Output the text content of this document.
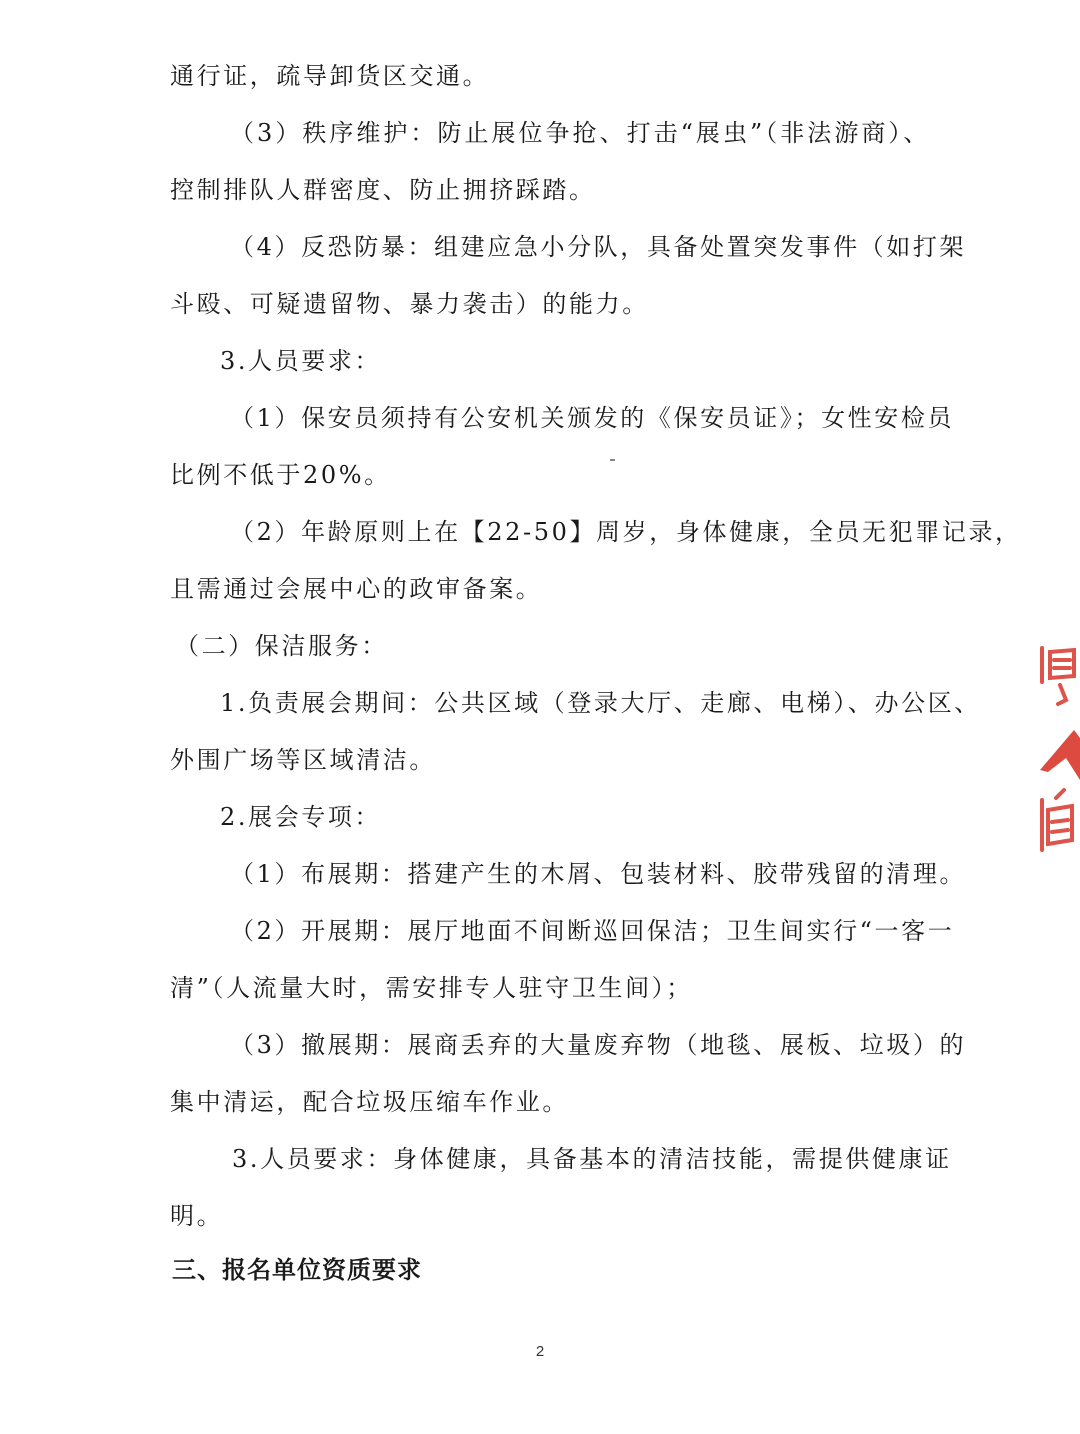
通行证，疏导卸货区交通。
（3）秩序维护：防止展位争抢、打击“展虫”（非法游商）、
控制排队人群密度、防止拥挤踩踏。
（4）反恐防暴：组建应急小分队，具备处置突发事件（如打架
斗殴、可疑遗留物、暴力袭击）的能力。
3.人员要求：
（1）保安员须持有公安机关颁发的《保安员证》；女性安检员
比例不低于20%。
（2）年龄原则上在【22-50】周岁，身体健康，全员无犯罪记录，
且需通过会展中心的政审备案。
（二）保洁服务：
1.负责展会期间：公共区域（登录大厅、走廊、电梯）、办公区、
外围广场等区域清洁。
2.展会专项：
（1）布展期：搭建产生的木屑、包装材料、胶带残留的清理。
（2）开展期：展厅地面不间断巡回保洁；卫生间实行“一客一
清”（人流量大时，需安排专人驻守卫生间）；
（3）撤展期：展商丢弃的大量废弃物（地毯、展板、垃圾）的
集中清运，配合垃圾压缩车作业。
3.人员要求：身体健康，具备基本的清洁技能，需提供健康证
明。
三、报名单位资质要求
2
